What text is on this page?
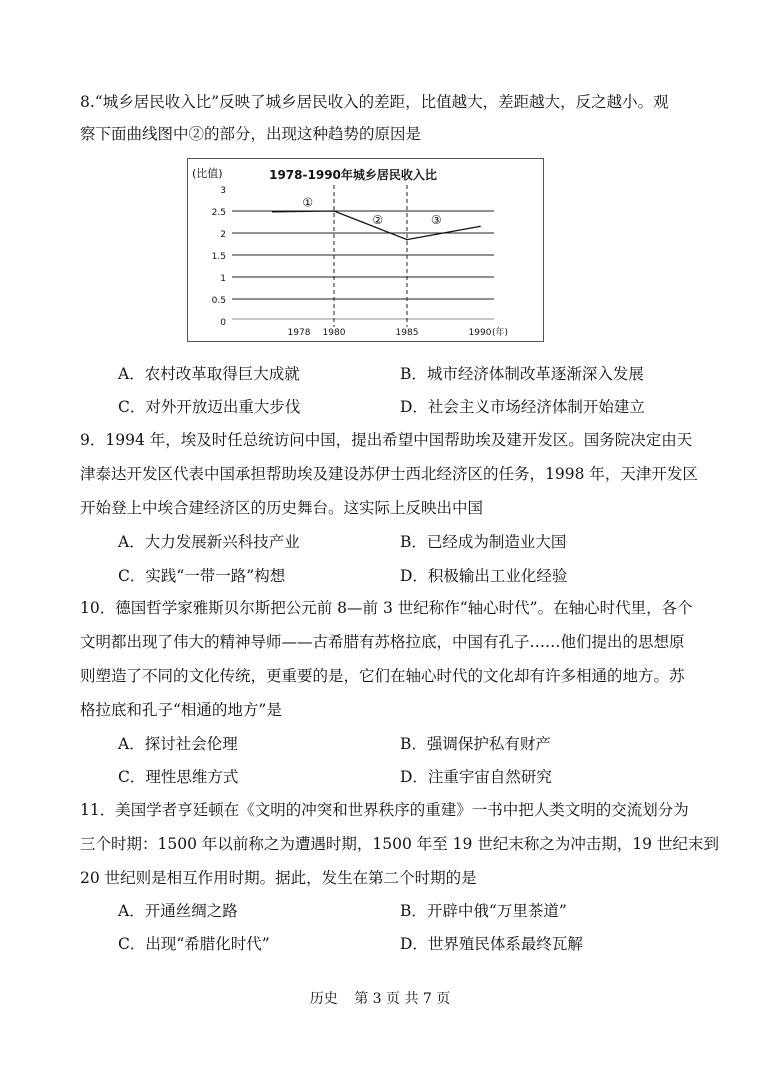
8.“城乡居民收入比”反映了城乡居民收入的差距，比值越大，差距越大，反之越小。观
察下面曲线图中②的部分，出现这种趋势的原因是
1978-1990年城乡居民收入比
(比值)
0
0.5
1
1.5
2
2.5
3
1978 1980	1985	1990 (年)
①
②	③
A．农村改革取得巨大成就	B．城市经济体制改革逐渐深入发展
C．对外开放迈出重大步伐	D．社会主义市场经济体制开始建立
9．1994 年，埃及时任总统访问中国，提出希望中国帮助埃及建开发区。国务院决定由天
津泰达开发区代表中国承担帮助埃及建设苏伊士西北经济区的任务，1998 年，天津开发区
开始登上中埃合建经济区的历史舞台。这实际上反映出中国
A．大力发展新兴科技产业	B．已经成为制造业大国
C．实践“一带一路”构想	D．积极输出工业化经验
10．德国哲学家雅斯贝尔斯把公元前 8—前 3 世纪称作“轴心时代”。在轴心时代里，各个
文明都出现了伟大的精神导师——古希腊有苏格拉底，中国有孔子……他们提出的思想原
则塑造了不同的文化传统，更重要的是，它们在轴心时代的文化却有许多相通的地方。苏
格拉底和孔子“相通的地方”是
A．探讨社会伦理	B．强调保护私有财产
C．理性思维方式	D．注重宇宙自然研究
11．美国学者亨廷顿在《文明的冲突和世界秩序的重建》一书中把人类文明的交流划分为
三个时期：1500 年以前称之为遭遇时期，1500 年至 19 世纪末称之为冲击期，19 世纪末到
20 世纪则是相互作用时期。据此，发生在第二个时期的是
A．开通丝绸之路	B．开辟中俄“万里茶道”
C．出现“希腊化时代”	D．世界殖民体系最终瓦解
历史 第 3 页 共 7 页
